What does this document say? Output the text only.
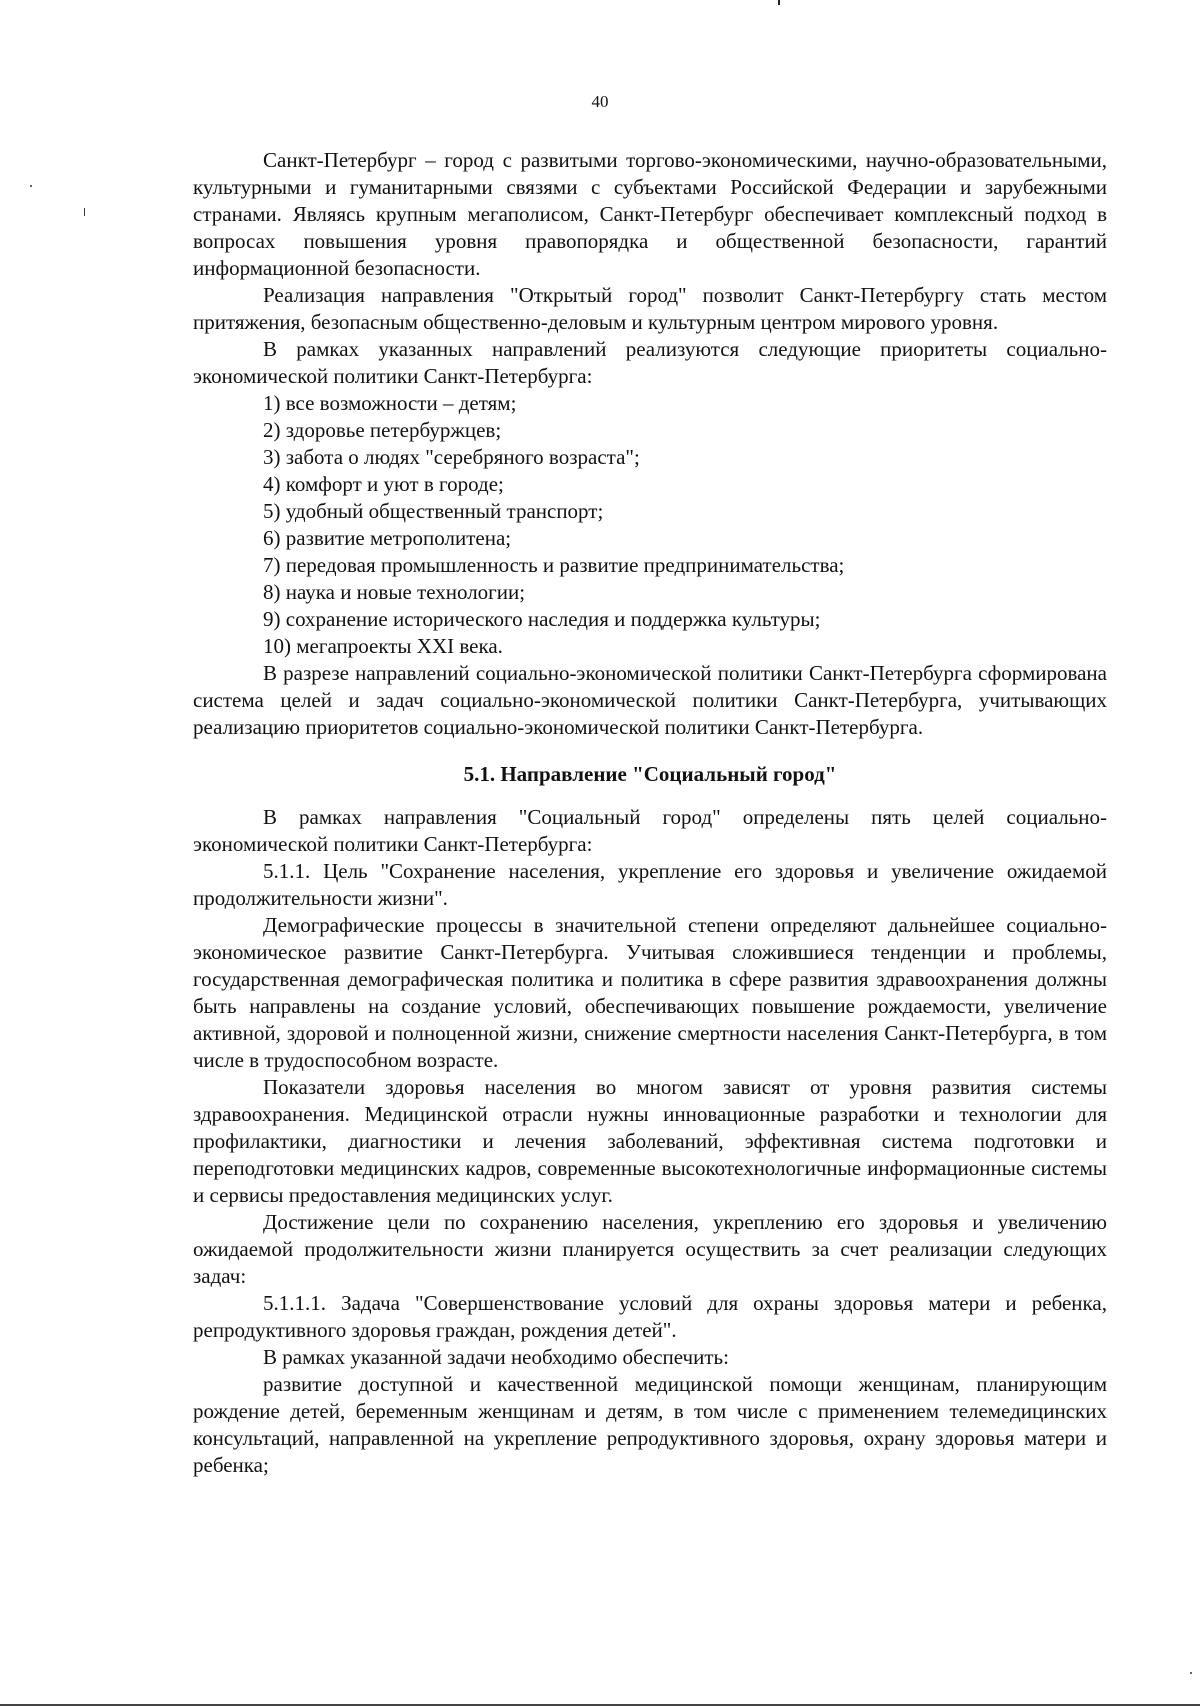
40

Санкт-Петербург – город с развитыми торгово-экономическими, научно-образовательными, культурными и гуманитарными связями с субъектами Российской Федерации и зарубежными странами. Являясь крупным мегаполисом, Санкт-Петербург обеспечивает комплексный подход в вопросах повышения уровня правопорядка и общественной безопасности, гарантий информационной безопасности.

Реализация направления "Открытый город" позволит Санкт-Петербургу стать местом притяжения, безопасным общественно-деловым и культурным центром мирового уровня.

В рамках указанных направлений реализуются следующие приоритеты социально-экономической политики Санкт-Петербурга:

1) все возможности – детям;
2) здоровье петербуржцев;
3) забота о людях "серебряного возраста";
4) комфорт и уют в городе;
5) удобный общественный транспорт;
6) развитие метрополитена;
7) передовая промышленность и развитие предпринимательства;
8) наука и новые технологии;
9) сохранение исторического наследия и поддержка культуры;
10) мегапроекты XXI века.

В разрезе направлений социально-экономической политики Санкт-Петербурга сформирована система целей и задач социально-экономической политики Санкт-Петербурга, учитывающих реализацию приоритетов социально-экономической политики Санкт-Петербурга.

5.1. Направление "Социальный город"

В рамках направления "Социальный город" определены пять целей социально-экономической политики Санкт-Петербурга:

5.1.1. Цель "Сохранение населения, укрепление его здоровья и увеличение ожидаемой продолжительности жизни".

Демографические процессы в значительной степени определяют дальнейшее социально-экономическое развитие Санкт-Петербурга. Учитывая сложившиеся тенденции и проблемы, государственная демографическая политика и политика в сфере развития здравоохранения должны быть направлены на создание условий, обеспечивающих повышение рождаемости, увеличение активной, здоровой и полноценной жизни, снижение смертности населения Санкт-Петербурга, в том числе в трудоспособном возрасте.

Показатели здоровья населения во многом зависят от уровня развития системы здравоохранения. Медицинской отрасли нужны инновационные разработки и технологии для профилактики, диагностики и лечения заболеваний, эффективная система подготовки и переподготовки медицинских кадров, современные высокотехнологичные информационные системы и сервисы предоставления медицинских услуг.

Достижение цели по сохранению населения, укреплению его здоровья и увеличению ожидаемой продолжительности жизни планируется осуществить за счет реализации следующих задач:

5.1.1.1. Задача "Совершенствование условий для охраны здоровья матери и ребенка, репродуктивного здоровья граждан, рождения детей".

В рамках указанной задачи необходимо обеспечить:

развитие доступной и качественной медицинской помощи женщинам, планирующим рождение детей, беременным женщинам и детям, в том числе с применением телемедицинских консультаций, направленной на укрепление репродуктивного здоровья, охрану здоровья матери и ребенка;
